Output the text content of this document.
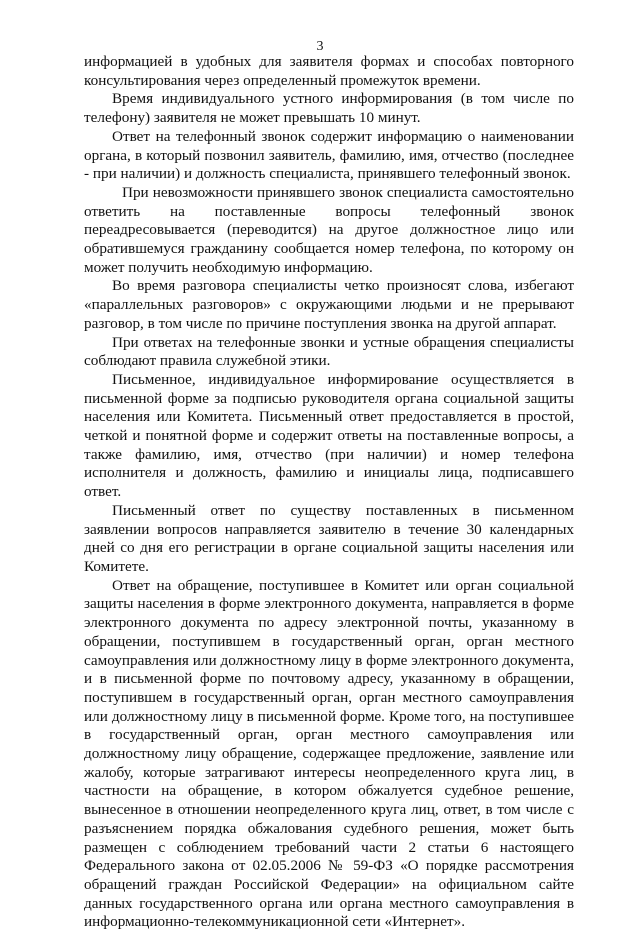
3

информацией в удобных для заявителя формах и способах повторного консультирования через определенный промежуток времени.

Время индивидуального устного информирования (в том числе по телефону) заявителя не может превышать 10 минут.

Ответ на телефонный звонок содержит информацию о наименовании органа, в который позвонил заявитель, фамилию, имя, отчество (последнее - при наличии) и должность специалиста, принявшего телефонный звонок.

При невозможности принявшего звонок специалиста самостоятельно ответить на поставленные вопросы телефонный звонок переадресовывается (переводится) на другое должностное лицо или обратившемуся гражданину сообщается номер телефона, по которому он может получить необходимую информацию.

Во время разговора специалисты четко произносят слова, избегают «параллельных разговоров» с окружающими людьми и не прерывают разговор, в том числе по причине поступления звонка на другой аппарат.

При ответах на телефонные звонки и устные обращения специалисты соблюдают правила служебной этики.

Письменное, индивидуальное информирование осуществляется в письменной форме за подписью руководителя органа социальной защиты населения или Комитета. Письменный ответ предоставляется в простой, четкой и понятной форме и содержит ответы на поставленные вопросы, а также фамилию, имя, отчество (при наличии) и номер телефона исполнителя и должность, фамилию и инициалы лица, подписавшего ответ.

Письменный ответ по существу поставленных в письменном заявлении вопросов направляется заявителю в течение 30 календарных дней со дня его регистрации в органе социальной защиты населения или Комитете.

Ответ на обращение, поступившее в Комитет или орган социальной защиты населения в форме электронного документа, направляется в форме электронного документа по адресу электронной почты, указанному в обращении, поступившем в государственный орган, орган местного самоуправления или должностному лицу в форме электронного документа, и в письменной форме по почтовому адресу, указанному в обращении, поступившем в государственный орган, орган местного самоуправления или должностному лицу в письменной форме. Кроме того, на поступившее в государственный орган, орган местного самоуправления или должностному лицу обращение, содержащее предложение, заявление или жалобу, которые затрагивают интересы неопределенного круга лиц, в частности на обращение, в котором обжалуется судебное решение, вынесенное в отношении неопределенного круга лиц, ответ, в том числе с разъяснением порядка обжалования судебного решения, может быть размещен с соблюдением требований части 2 статьи 6 настоящего Федерального закона от 02.05.2006 № 59-ФЗ «О порядке рассмотрения обращений граждан Российской Федерации» на официальном сайте данных государственного органа или органа местного самоуправления в информационно-телекоммуникационной сети «Интернет».
